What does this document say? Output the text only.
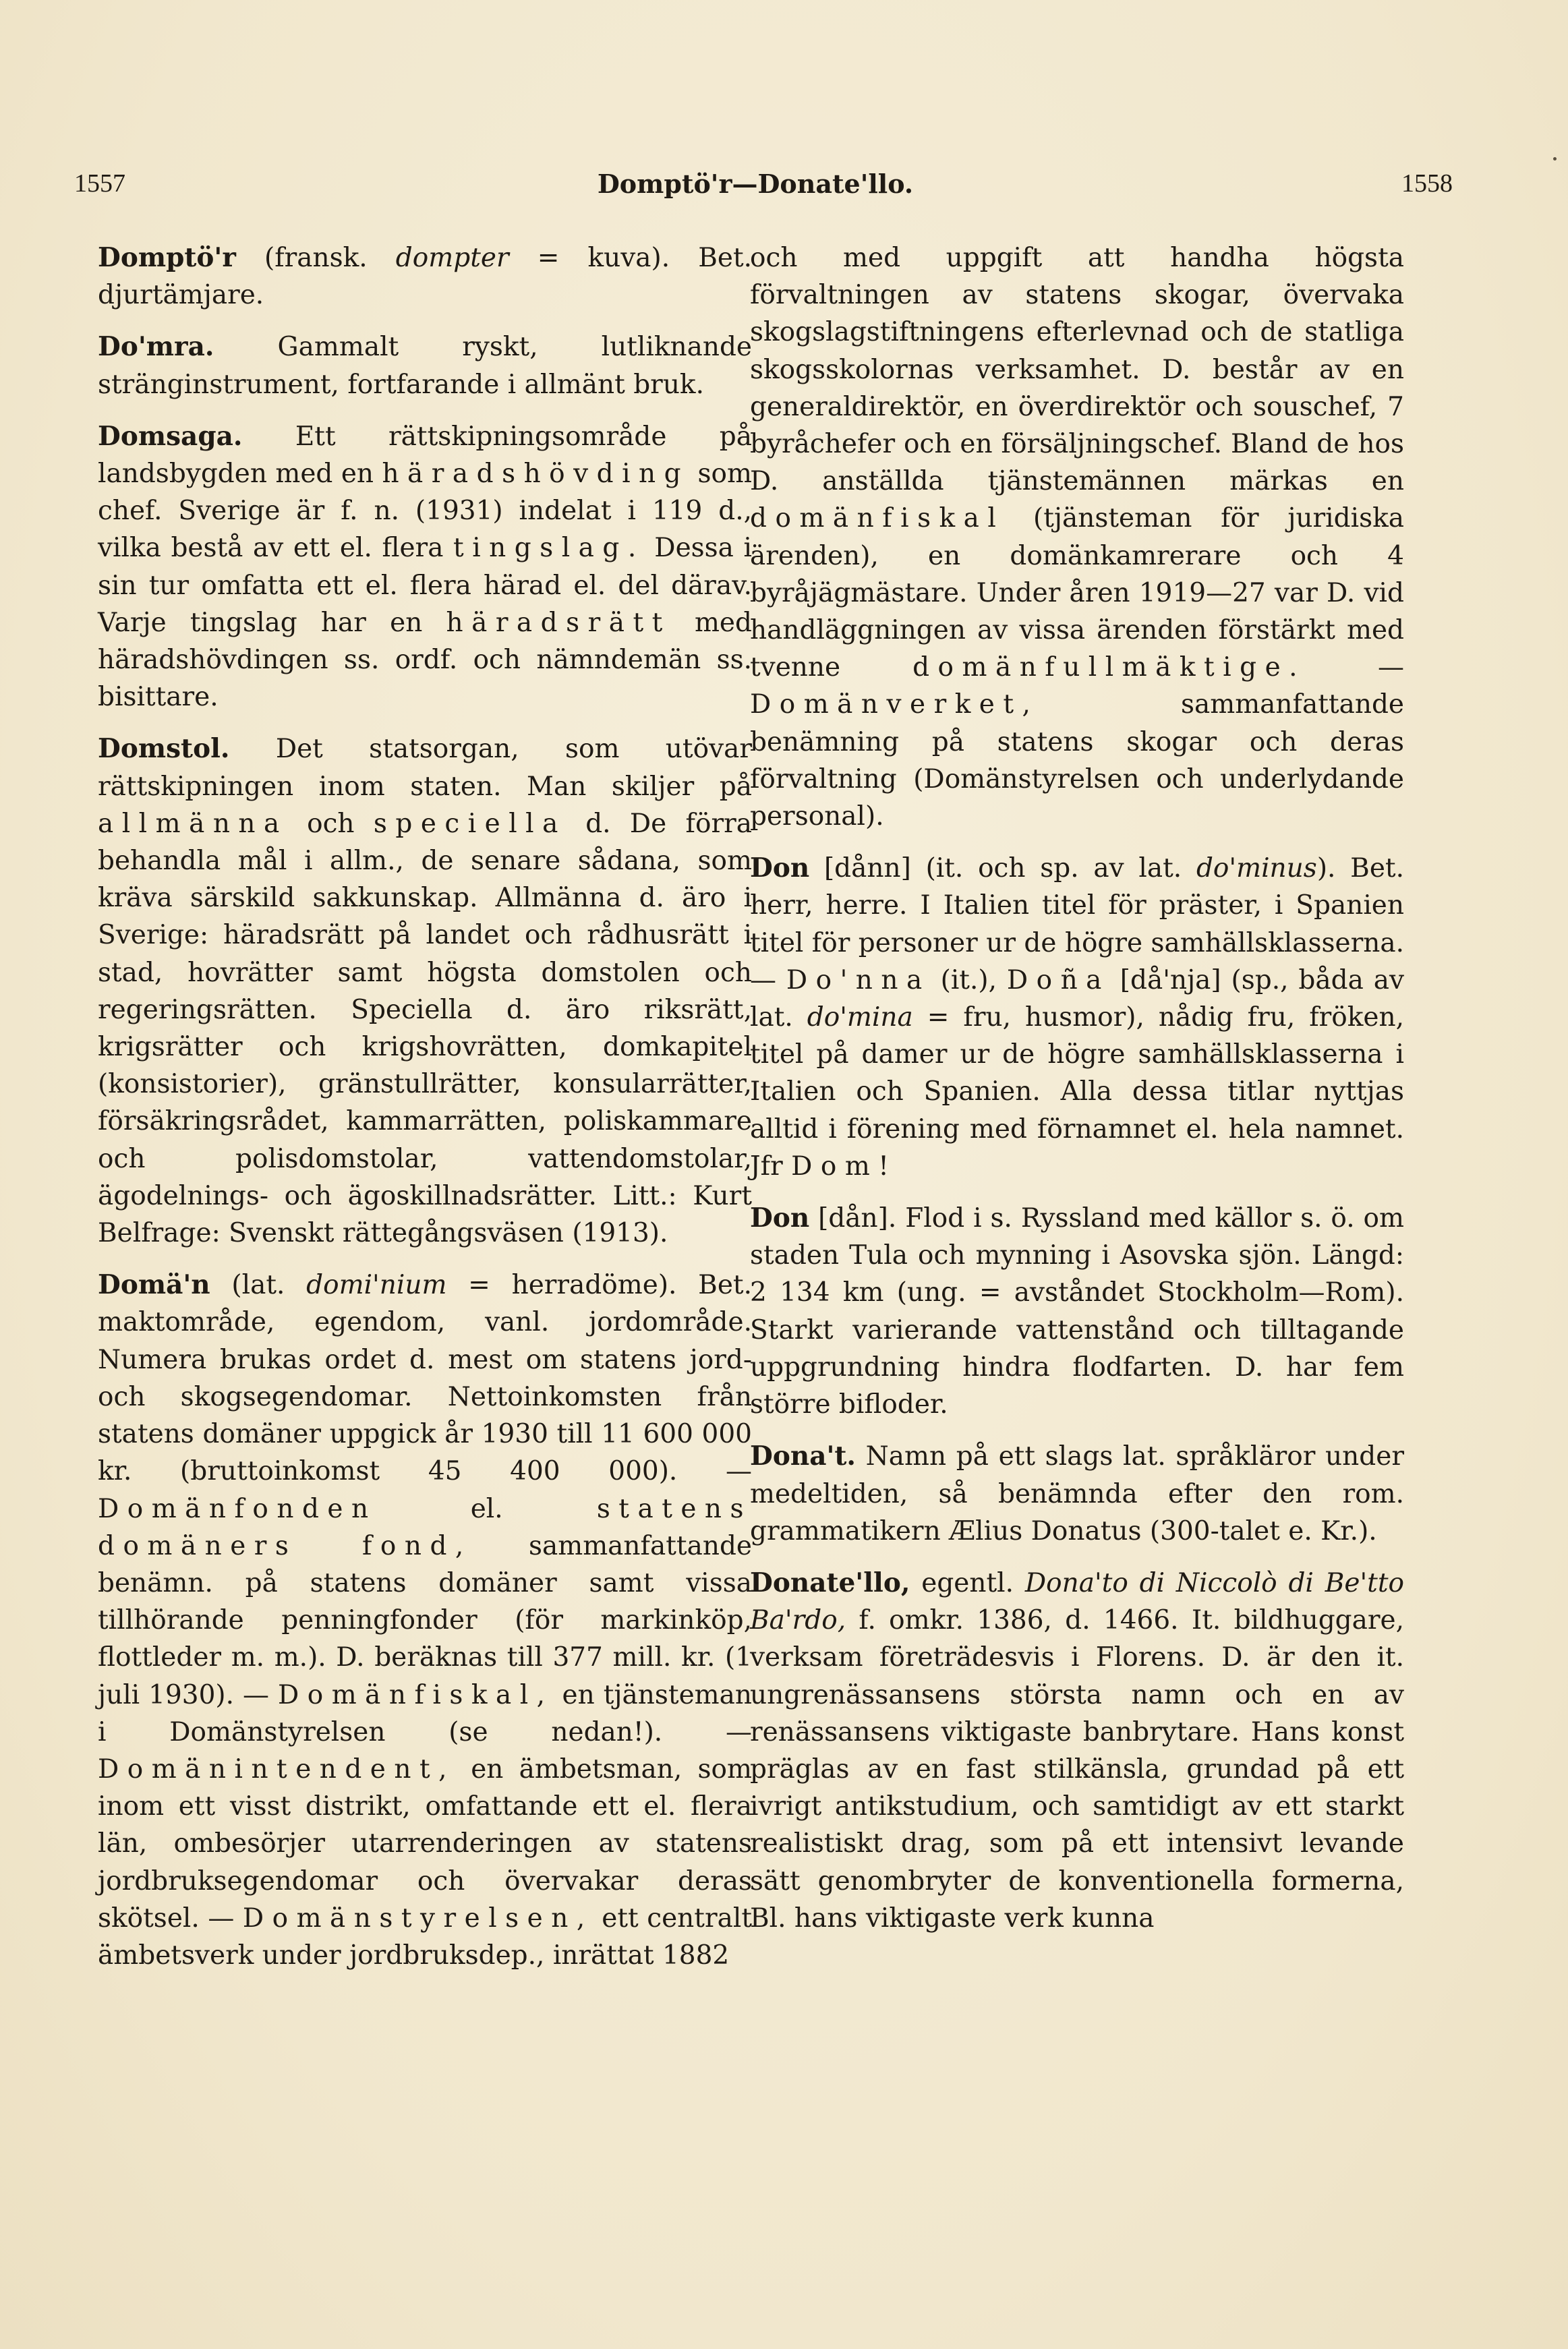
1557	Domptö'r—Donate'llo.	1558

Domptö'r (fransk. dompter = kuva). Bet. djurtämjare.

Do'mra. Gammalt ryskt, lutliknande stränginstrument, fortfarande i allmänt bruk.

Domsaga. Ett rättskipningsområde på landsbygden med en häradshövding som chef. Sverige är f. n. (1931) indelat i 119 d., vilka bestå av ett el. flera tingslag. Dessa i sin tur omfatta ett el. flera härad el. del därav. Varje tingslag har en häradsrätt med häradshövdingen ss. ordf. och nämndemän ss. bisittare.

Domstol. Det statsorgan, som utövar rättskipningen inom staten. Man skiljer på allmänna och speciella d. De förra behandla mål i allm., de senare sådana, som kräva särskild sakkunskap. Allmänna d. äro i Sverige: häradsrätt på landet och rådhusrätt i stad, hovrätter samt högsta domstolen och regeringsrätten. Speciella d. äro riksrätt, krigsrätter och krigshovrätten, domkapitel (konsistorier), gränstullrätter, konsularrätter, försäkringsrådet, kammarrätten, poliskammare och polisdomstolar, vattendomstolar, ägodelnings- och ägoskillnadsrätter. Litt.: Kurt Belfrage: Svenskt rättegångsväsen (1913).

Domä'n (lat. domi'nium = herradöme). Bet. maktområde, egendom, vanl. jordområde. Numera brukas ordet d. mest om statens jord- och skogsegendomar. Nettoinkomsten från statens domäner uppgick år 1930 till 11 600 000 kr. (bruttoinkomst 45 400 000). — Domänfonden el. statens domäners fond, sammanfattande benämn. på statens domäner samt vissa tillhörande penningfonder (för markinköp, flottleder m. m.). D. beräknas till 377 mill. kr. (1 juli 1930). — Domänfiskal, en tjänsteman i Domänstyrelsen (se nedan!). — Domänintendent, en ämbetsman, som inom ett visst distrikt, omfattande ett el. flera län, ombesörjer utarrenderingen av statens jordbruksegendomar och övervakar deras skötsel. — Domänstyrelsen, ett centralt ämbetsverk under jordbruksdep., inrättat 1882

och med uppgift att handha högsta förvaltningen av statens skogar, övervaka skogslagstiftningens efterlevnad och de statliga skogsskolornas verksamhet. D. består av en generaldirektör, en överdirektör och souschef, 7 byråchefer och en försäljningschef. Bland de hos D. anställda tjänstemännen märkas en domänfiskal (tjänsteman för juridiska ärenden), en domänkamrerare och 4 byråjägmästare. Under åren 1919—27 var D. vid handläggningen av vissa ärenden förstärkt med tvenne domänfullmäktige. — Domänverket, sammanfattande benämning på statens skogar och deras förvaltning (Domänstyrelsen och underlydande personal).

Don [dånn] (it. och sp. av lat. do'minus). Bet. herr, herre. I Italien titel för präster, i Spanien titel för personer ur de högre samhällsklasserna. — Do'nna (it.), Doña [då'nja] (sp., båda av lat. do'mina = fru, husmor), nådig fru, fröken, titel på damer ur de högre samhällsklasserna i Italien och Spanien. Alla dessa titlar nyttjas alltid i förening med förnamnet el. hela namnet. Jfr Dom!

Don [dån]. Flod i s. Ryssland med källor s. ö. om staden Tula och mynning i Asovska sjön. Längd: 2 134 km (ung. = avståndet Stockholm—Rom). Starkt varierande vattenstånd och tilltagande uppgrundning hindra flodfarten. D. har fem större bifloder.

Dona't. Namn på ett slags lat. språkläror under medeltiden, så benämnda efter den rom. grammatikern Ælius Donatus (300-talet e. Kr.).

Donate'llo, egentl. Dona'to di Niccolò di Be'tto Ba'rdo, f. omkr. 1386, d. 1466. It. bildhuggare, verksam företrädesvis i Florens. D. är den it. ungrenässansens största namn och en av renässansens viktigaste banbrytare. Hans konst präglas av en fast stilkänsla, grundad på ett ivrigt antikstudium, och samtidigt av ett starkt realistiskt drag, som på ett intensivt levande sätt genombryter de konventionella formerna, Bl. hans viktigaste verk kunna
